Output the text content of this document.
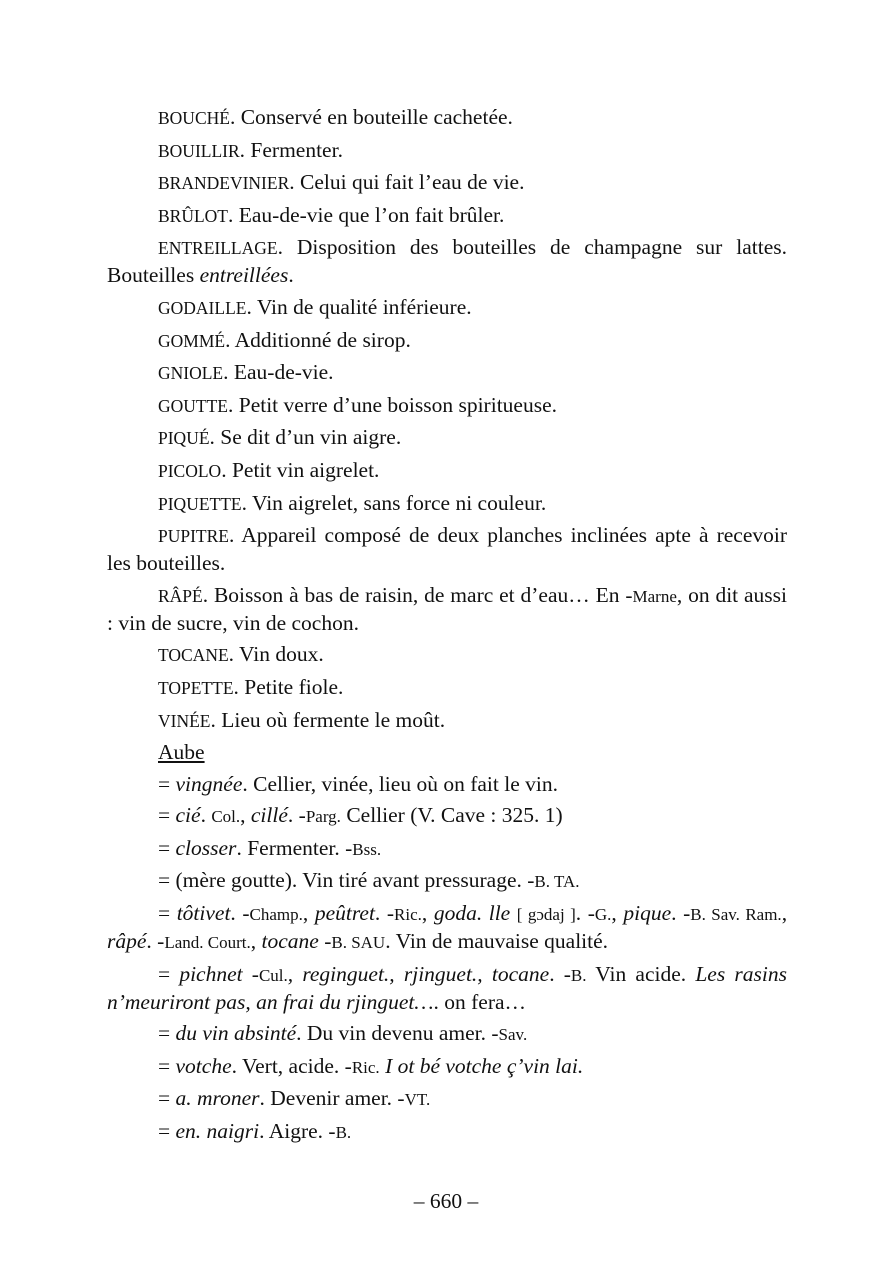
BOUCHÉ. Conservé en bouteille cachetée.

BOUILLIR. Fermenter.

BRANDEVINIER. Celui qui fait l’eau de vie.

BRÛLOT. Eau-de-vie que l’on fait brûler.

ENTREILLAGE. Disposition des bouteilles de champagne sur lattes. Bouteilles entreillées.

GODAILLE. Vin de qualité inférieure.

GOMMÉ. Additionné de sirop.

GNIOLE. Eau-de-vie.

GOUTTE. Petit verre d’une boisson spiritueuse.

PIQUÉ. Se dit d’un vin aigre.

PICOLO. Petit vin aigrelet.

PIQUETTE. Vin aigrelet, sans force ni couleur.

PUPITRE. Appareil composé de deux planches inclinées apte à recevoir les bouteilles.

RÂPÉ. Boisson à bas de raisin, de marc et d’eau… En -Marne, on dit aussi : vin de sucre, vin de cochon.

TOCANE. Vin doux.

TOPETTE. Petite fiole.

VINÉE. Lieu où fermente le moût.

Aube

= vingnée. Cellier, vinée, lieu où on fait le vin.

= cié. Col., cillé. -Parg. Cellier (V. Cave : 325. 1)

= closser. Fermenter. -Bss.

= (mère goutte). Vin tiré avant pressurage. -B. TA.

= tôtivet. -Champ., peûtret. -Ric., goda. lle [ gɔdaj ]. -G., pique. -B. Sav. Ram., râpé. -Land. Court., tocane -B. SAU. Vin de mauvaise qualité.

= pichnet -Cul., reginguet., rjinguet., tocane. -B. Vin acide. Les rasins n’meuriront pas, an frai du rjinguet…. on fera…

= du vin absinté. Du vin devenu amer. -Sav.

= votche. Vert, acide. -Ric. I ot bé votche ç’vin lai.

= a. mroner. Devenir amer. -VT.

= en. naigri. Aigre. -B.

– 660 –
